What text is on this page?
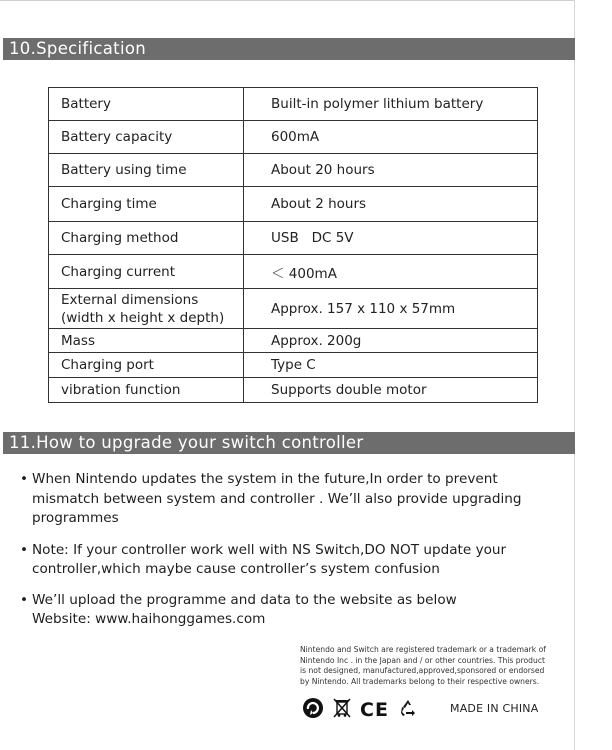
10.Specification
Battery	Built-in polymer lithium battery
Battery capacity	600mA
Battery using time	About 20 hours
Charging time	About 2 hours
Charging method	USB   DC 5V
Charging current	＜ 400mA

External dimensions
(width x height x depth)	Approx. 157 x 110 x 57mm
Mass	Approx. 200g
Charging port	Type C
vibration function	Supports double motor
11.How to upgrade your switch controller
• When Nintendo updates the system in the future,In order to prevent
mismatch between system and controller . We’ll also provide upgrading
programmes
• Note: If your controller work well with NS Switch,DO NOT update your
controller,which maybe cause controller’s system confusion
• We’ll upload the programme and data to the website as below
Website: www.haihonggames.com
Nintendo and Switch are registered trademark or a trademark of
Nintendo Inc . in the Japan and / or other countries. This product
is not designed, manufactured,approved,sponsored or endorsed
by Nintendo. All trademarks belong to their respective owners.
CE	MADE IN CHINA
